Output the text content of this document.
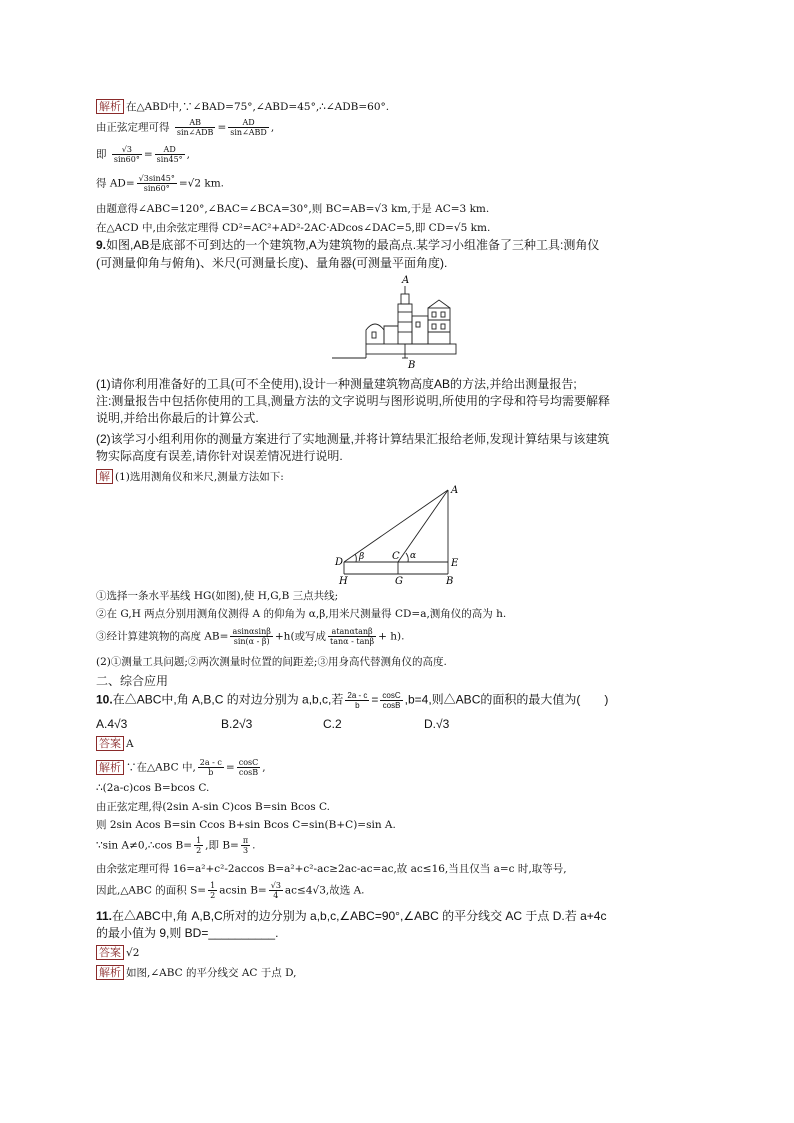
解析 在△ABD中,∵∠BAD=75°,∠ABD=45°,∴∠ADB=60°.
由正弦定理可得 $\frac{AB}{\text{sin∠ADB}} = \frac{AD}{\text{sin∠ABD}}$ ,
即 $\frac{√3}{\sin 60^\circ} = \frac{AD}{\sin 45^\circ}$ ,
得 $AD= \frac{√3\sin 45^\circ}{\sin 60^\circ} =√2$ km.
由题意得∠ABC=120°,∠BAC=∠BCA=30°,则 BC=AB=√3 km,于是 AC=3 km.
在△ACD 中,由余弦定理得 CD²=AC²+AD²-2AC·ADcos∠DAC=5,即 CD=√5 km.
9.如图,AB是底部不可到达的一个建筑物,A为建筑物的最高点.某学习小组准备了三种工具:测角仪
(可测量仰角与俯角)、米尺(可测量长度)、量角器(可测量平面角度).
A
B
(1)请你利用准备好的工具(可不全使用),设计一种测量建筑物高度AB的方法,并给出测量报告;
注:测量报告中包括你使用的工具,测量方法的文字说明与图形说明,所使用的字母和符号均需要解释
说明,并给出你最后的计算公式.
(2)该学习小组利用你的测量方案进行了实地测量,并将计算结果汇报给老师,发现计算结果与该建筑
物实际高度有误差,请你针对误差情况进行说明.
解 (1)选用测角仪和米尺,测量方法如下:
A
D β	C α
E
H	G	B
①选择一条水平基线 HG(如图),使 H,G,B 三点共线;
②在 G,H 两点分别用测角仪测得 A 的仰角为 α,β,用米尺测量得 CD=a,测角仪的高为 h.
③经计算建筑物的高度 $AB= \frac{asin\alpha\sin\beta}{\sin(\alpha - \beta)} +h$(或写成 $\frac{atan\alpha\tan\beta}{\tan\alpha - \tan\beta} + h$).
(2)①测量工具问题;②两次测量时位置的间距差;③用身高代替测角仪的高度.
二、综合应用
10.在△ABC中,角 A,B,C 的对边分别为 a,b,c,若 $\frac{2a - c}{b} = \frac{\cos C}{\cos B} ,b=4$,则△ABC的面积的最大值为(　　)
A.4√3	B.2√3	C.2	D.√3
答案 A
解析 ∵在△ABC 中, $\frac{2a - c}{b} = \frac{\cos C}{\cos B}$ ,
∴(2a-c)cos B=bcos C.
由正弦定理,得(2sin A-sin C)cos B=sin Bcos C.
则 2sin Acos B=sin Ccos B+sin Bcos C=sin(B+C)=sin A.
∵sin A≠0,∴cos $B= \frac{1}{2}$ ,即 $B= \frac{\pi}{3}$ .
由余弦定理可得 16=a²+c²-2accos B=a²+c²-ac≥2ac-ac=ac,故 ac≤16,当且仅当 a=c 时,取等号,
因此,△ABC 的面积 $S= \frac{1}{2}$ acsin $B= \frac{√3}{4} ac\le 4√3$,故选 A.
11.在△ABC中,角 A,B,C所对的边分别为 a,b,c,∠ABC=90°,∠ABC 的平分线交 AC 于点 D.若 a+4c
的最小值为 9,则 BD=__________.
答案 √2
解析 如图,∠ABC 的平分线交 AC 于点 D,
